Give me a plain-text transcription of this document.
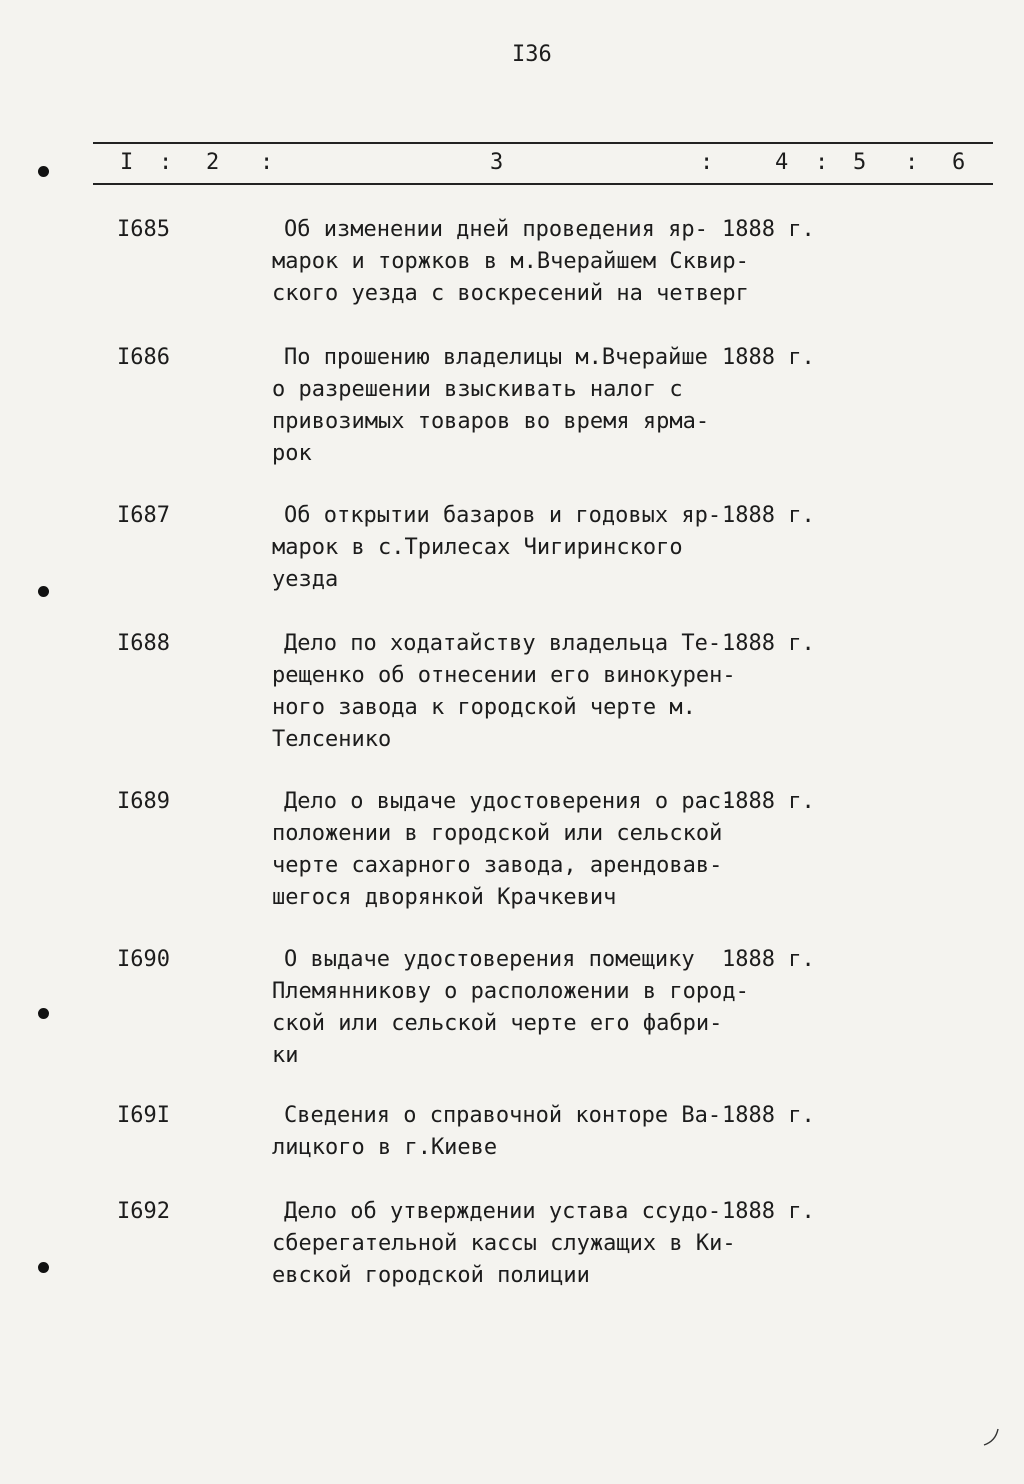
I36
I : 2 :	3	:	4 : 5 : 6
I685	Об изменении дней проведения яр-
марок и торжков в м.Вчерайшем Сквир-
ского уезда с воскресений на четверг
1888 г.
I686	По прошению владелицы м.Вчерайше
о разрешении взыскивать налог с
привозимых товаров во время ярма-
рок
1888 г.
I687	Об открытии базаров и годовых яр-
марок в с.Трилесах Чигиринского
уезда
1888 г.
I688	Дело по ходатайству владельца Те-
рещенко об отнесении его винокурен-
ного завода к городской черте м.
Телсенико
1888 г.
I689	Дело о выдаче удостоверения о рас-
положении в городской или сельской
черте сахарного завода, арендовав-
шегося дворянкой Крачкевич
1888 г.
I690	О выдаче удостоверения помещику
Племянникову о расположении в город-
ской или сельской черте его фабри-
ки
1888 г.
I69I	Сведения о справочной конторе Ва-
лицкого в г.Киеве
1888 г.
I692	Дело об утверждении устава ссудо-
сберегательной кассы служащих в Ки-
евской городской полиции
1888 г.
